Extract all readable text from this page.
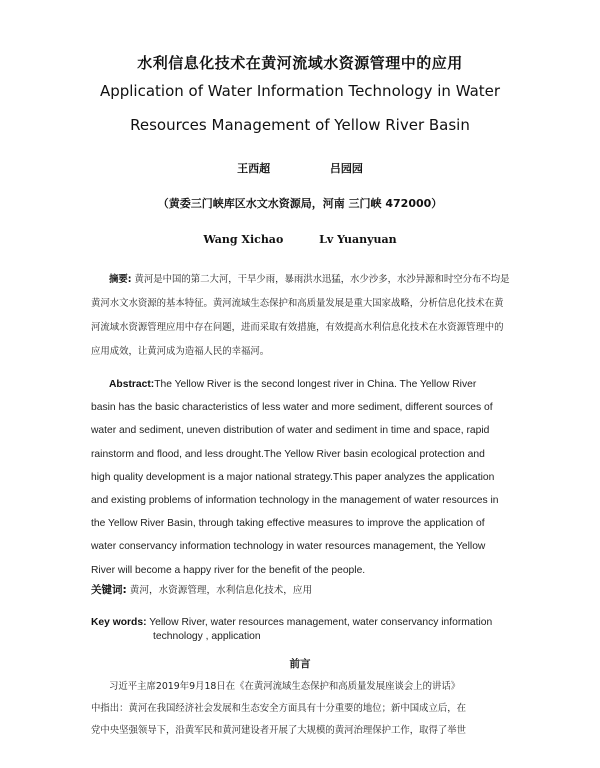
水利信息化技术在黄河流域水资源管理中的应用
Application of Water Information Technology in Water
Resources Management of Yellow River Basin
王西超	吕园园
（黄委三门峡库区水文水资源局，河南 三门峡 472000）
Wang Xichao	Lv Yuanyuan
摘要: 黄河是中国的第二大河，干旱少雨，暴雨洪水迅猛，水少沙多，水沙异源和时空分布不均是黄河水文水资源的基本特征。黄河流域生态保护和高质量发展是重大国家战略，分析信息化技术在黄河流域水资源管理应用中存在问题，进而采取有效措施，有效提高水利信息化技术在水资源管理中的应用成效，让黄河成为造福人民的幸福河。
Abstract:The Yellow River is the second longest river in China. The Yellow River
basin has the basic characteristics of less water and more sediment, different sources of
water and sediment, uneven distribution of water and sediment in time and space, rapid
rainstorm and flood, and less drought.The Yellow River basin ecological protection and
high quality development is a major national strategy.This paper analyzes the application
and existing problems of information technology in the management of water resources in
the Yellow River Basin, through taking effective measures to improve the application of
water conservancy information technology in water resources management, the Yellow
River will become a happy river for the benefit of the people.
关键词: 黄河，水资源管理，水利信息化技术，应用
Key words: Yellow River, water resources management, water conservancy information
technology , application
前言
习近平主席2019年9月18日在《在黄河流域生态保护和高质量发展座谈会上的讲话》
中指出：黄河在我国经济社会发展和生态安全方面具有十分重要的地位；新中国成立后，在
党中央坚强领导下，沿黄军民和黄河建设者开展了大规模的黄河治理保护工作，取得了举世
